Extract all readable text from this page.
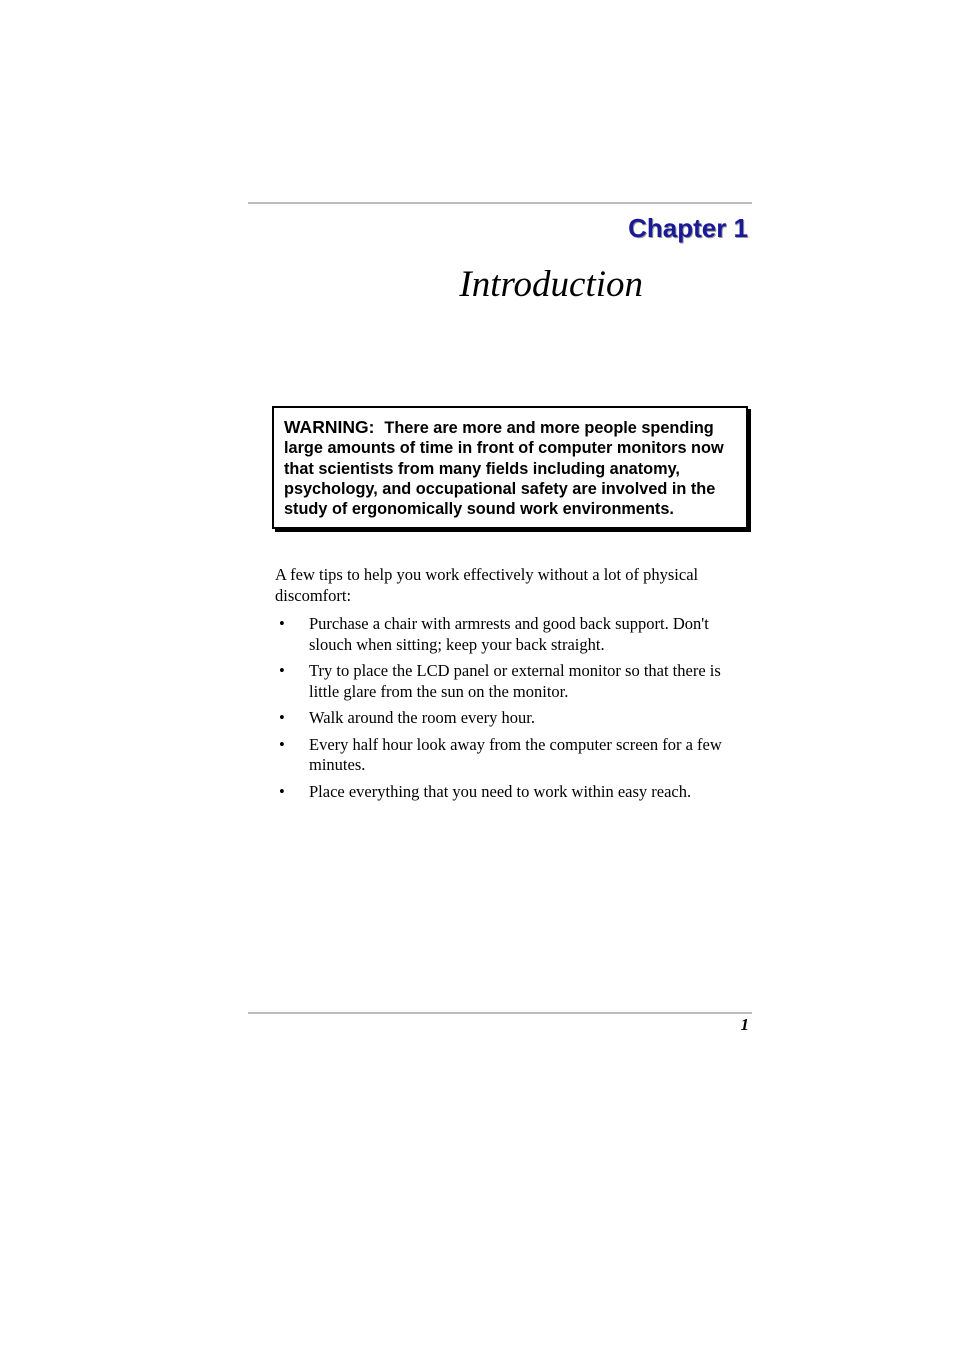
Chapter 1
Introduction
WARNING: There are more and more people spending large amounts of time in front of computer monitors now that scientists from many fields including anatomy, psychology, and occupational safety are involved in the study of ergonomically sound work environments.

A few tips to help you work effectively without a lot of physical discomfort:

• Purchase a chair with armrests and good back support. Don't slouch when sitting; keep your back straight.
• Try to place the LCD panel or external monitor so that there is little glare from the sun on the monitor.
• Walk around the room every hour.
• Every half hour look away from the computer screen for a few minutes.
• Place everything that you need to work within easy reach.
1
